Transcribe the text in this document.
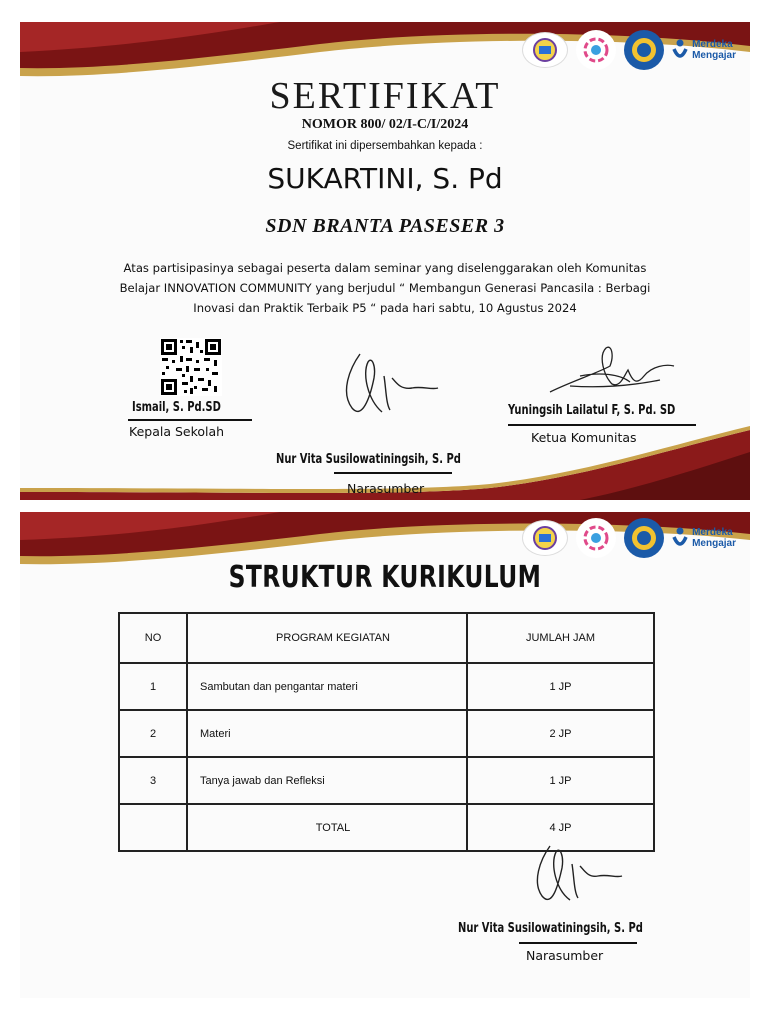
Merdeka
Mengajar
SERTIFIKAT
NOMOR 800/ 02/I-C/I/2024
Sertifikat ini dipersembahkan kepada :
SUKARTINI, S. Pd
SDN BRANTA PASESER 3
Atas partisipasinya sebagai peserta dalam seminar yang diselenggarakan oleh Komunitas
Belajar INNOVATION COMMUNITY yang berjudul “ Membangun Generasi Pancasila : Berbagi
Inovasi dan Praktik Terbaik P5 “ pada hari sabtu, 10 Agustus 2024
Ismail, S. Pd.SD
Kepala Sekolah
Nur Vita Susilowatiningsih, S. Pd
Narasumber
Yuningsih Lailatul F, S. Pd. SD
Ketua Komunitas
Merdeka
Mengajar
STRUKTUR KURIKULUM
NO	PROGRAM KEGIATAN	JUMLAH JAM
1	Sambutan dan pengantar materi	1 JP
2	Materi	2 JP
3	Tanya jawab dan Refleksi	1 JP
	TOTAL	4 JP
Nur Vita Susilowatiningsih, S. Pd
Narasumber
